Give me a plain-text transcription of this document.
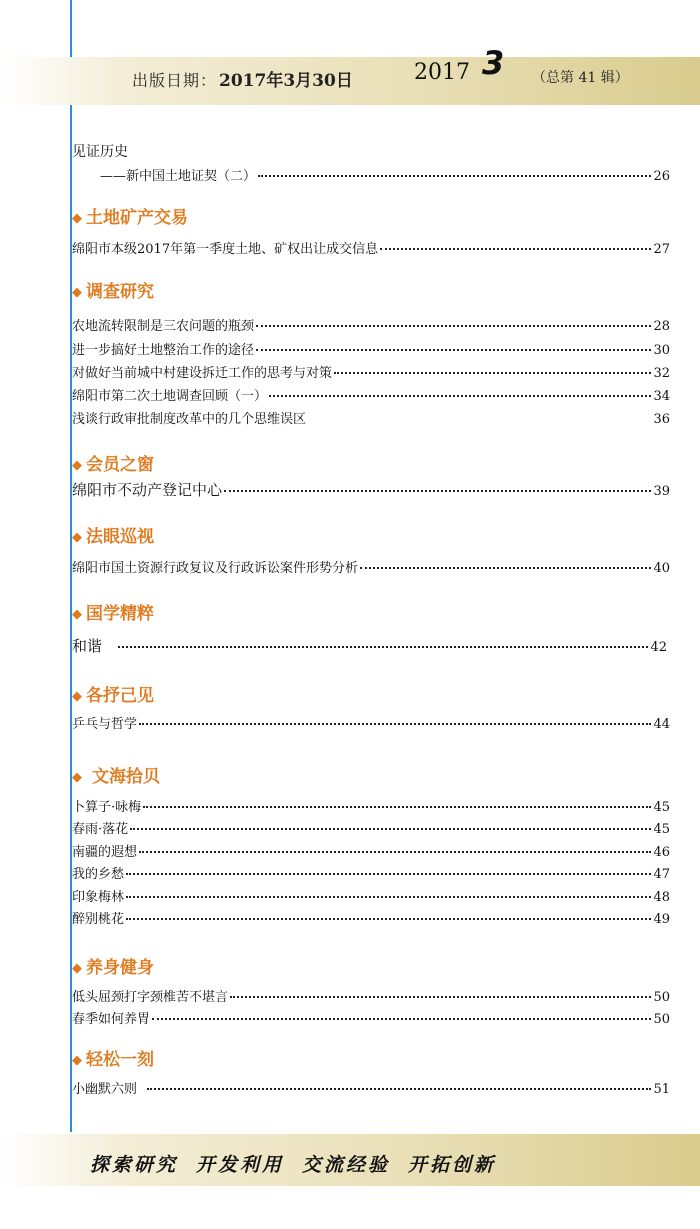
出版日期： 2017年3月30日	2017 3 （总第 41 辑）
见证历史
——新中国土地证契（二）	26
◆ 土地矿产交易
绵阳市本级2017年第一季度土地、矿权出让成交信息	27
◆ 调查研究
农地流转限制是三农问题的瓶颈	28
进一步搞好土地整治工作的途径	30
对做好当前城中村建设拆迁工作的思考与对策	32
绵阳市第二次土地调查回顾（一）	34
浅谈行政审批制度改革中的几个思维误区	36
◆ 会员之窗
绵阳市不动产登记中心	39
◆ 法眼巡视
绵阳市国土资源行政复议及行政诉讼案件形势分析	40
◆ 国学精粹
和谐	42
◆ 各抒己见
乒乓与哲学	44
◆ 文海拾贝
卜算子·咏梅	45
春雨·落花	45
南疆的遐想	46
我的乡愁	47
印象梅林	48
醉别桃花	49
◆ 养身健身
低头屈颈打字颈椎苦不堪言	50
春季如何养胃	50
◆ 轻松一刻
小幽默六则	51
探索研究 开发利用 交流经验 开拓创新
